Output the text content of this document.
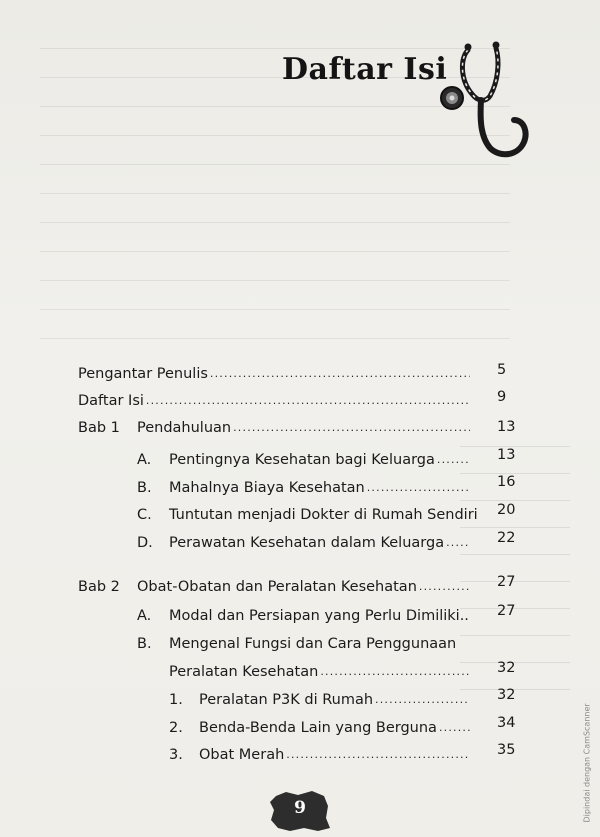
Daftar Isi
Pengantar Penulis .....	5
Daftar Isi .....	9
Bab 1	Pendahuluan .....	13
A.	Pentingnya Kesehatan bagi Keluarga .....	13
B.	Mahalnya Biaya Kesehatan .....	16
C.	Tuntutan menjadi Dokter di Rumah Sendiri 20
D.	Perawatan Kesehatan dalam Keluarga .....	22
Bab 2	Obat-Obatan dan Peralatan Kesehatan .....	27
A.	Modal dan Persiapan yang Perlu Dimiliki.. 27
B.	Mengenal Fungsi dan Cara Penggunaan
Peralatan Kesehatan .....	32
1.	Peralatan P3K di Rumah .....	32
2.	Benda-Benda Lain yang Berguna .....	34
3.	Obat Merah .....	35
9	Dipindai dengan CamScanner
